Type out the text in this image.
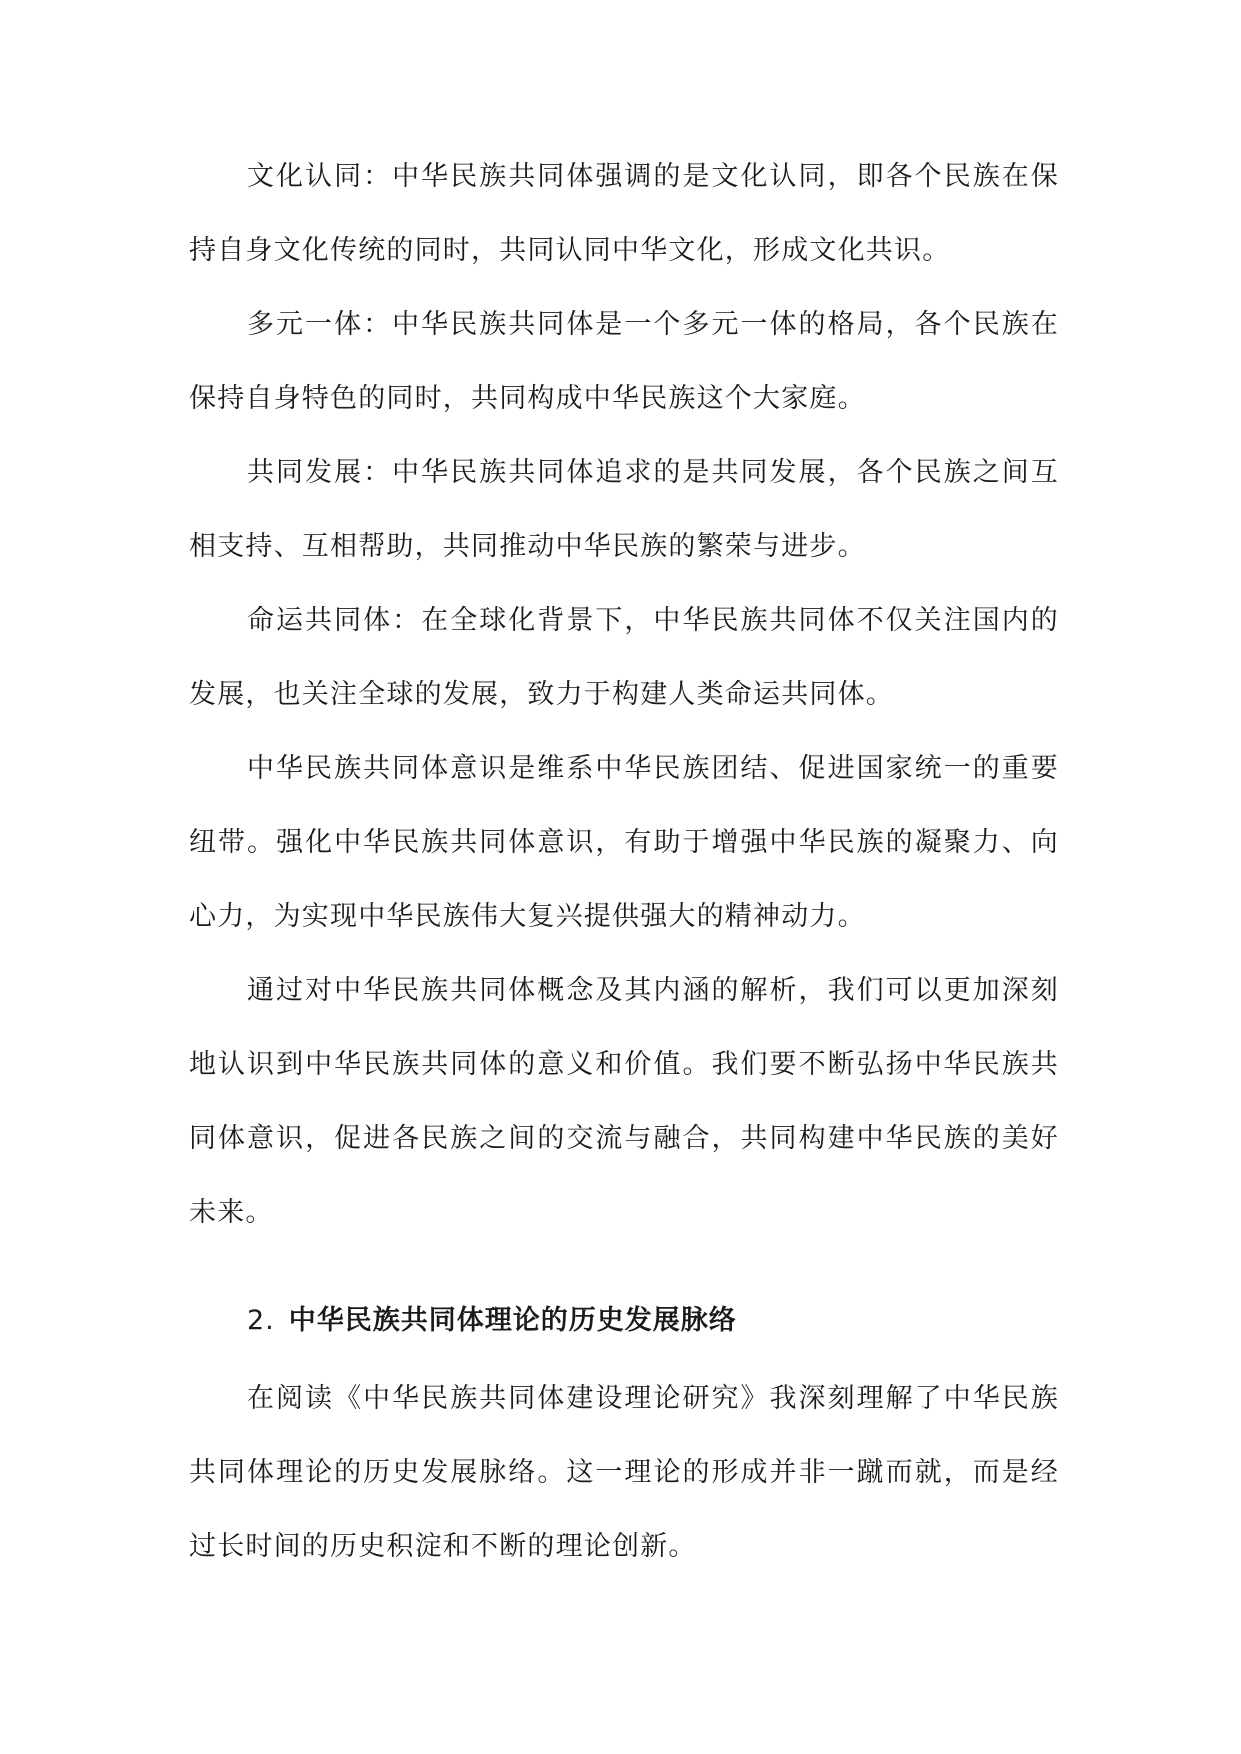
文化认同：中华民族共同体强调的是文化认同，即各个民族在保持自身文化传统的同时，共同认同中华文化，形成文化共识。

多元一体：中华民族共同体是一个多元一体的格局，各个民族在保持自身特色的同时，共同构成中华民族这个大家庭。

共同发展：中华民族共同体追求的是共同发展，各个民族之间互相支持、互相帮助，共同推动中华民族的繁荣与进步。

命运共同体：在全球化背景下，中华民族共同体不仅关注国内的发展，也关注全球的发展，致力于构建人类命运共同体。

中华民族共同体意识是维系中华民族团结、促进国家统一的重要纽带。强化中华民族共同体意识，有助于增强中华民族的凝聚力、向心力，为实现中华民族伟大复兴提供强大的精神动力。

通过对中华民族共同体概念及其内涵的解析，我们可以更加深刻地认识到中华民族共同体的意义和价值。我们要不断弘扬中华民族共同体意识，促进各民族之间的交流与融合，共同构建中华民族的美好未来。

2. 中华民族共同体理论的历史发展脉络

在阅读《中华民族共同体建设理论研究》我深刻理解了中华民族共同体理论的历史发展脉络。这一理论的形成并非一蹴而就，而是经过长时间的历史积淀和不断的理论创新。
